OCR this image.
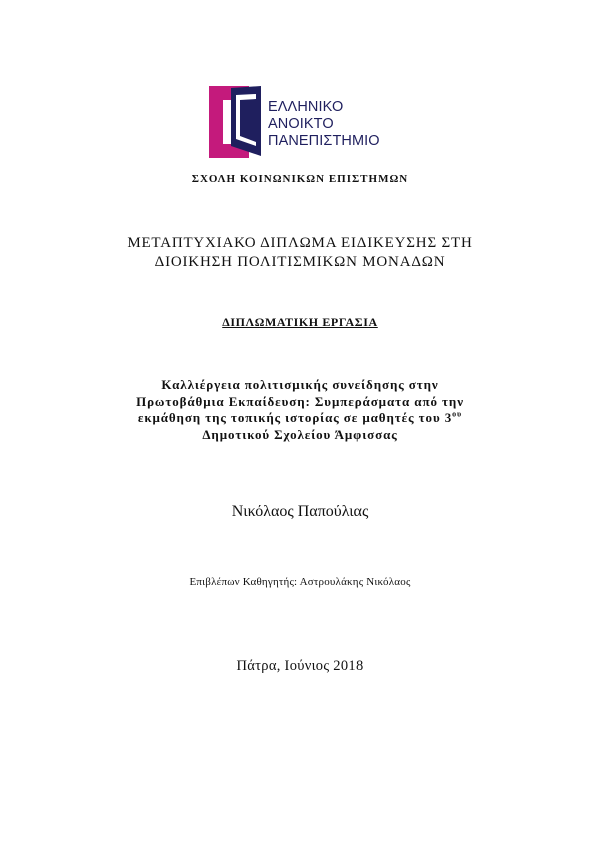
ΕΛΛΗΝΙΚΟ
ΑΝΟΙΚΤΟ
ΠΑΝΕΠΙΣΤΗΜΙΟ
ΣΧΟΛΗ ΚΟΙΝΩΝΙΚΩΝ ΕΠΙΣΤΗΜΩΝ
ΜΕΤΑΠΤΥΧΙΑΚΟ ΔΙΠΛΩΜΑ ΕΙΔΙΚΕΥΣΗΣ ΣΤΗ
ΔΙΟΙΚΗΣΗ ΠΟΛΙΤΙΣΜΙΚΩΝ ΜΟΝΑΔΩΝ
ΔΙΠΛΩΜΑΤΙΚΗ ΕΡΓΑΣΙΑ
Καλλιέργεια πολιτισμικής συνείδησης στην
Πρωτοβάθμια Εκπαίδευση: Συμπεράσματα από την
εκμάθηση της τοπικής ιστορίας σε μαθητές του $3^{o\upsilon}$
Δημοτικού Σχολείου Άμφισσας
Νικόλαος Παπούλιας
Επιβλέπων Καθηγητής: Αστρουλάκης Νικόλαος
Πάτρα, Ιούνιος 2018
